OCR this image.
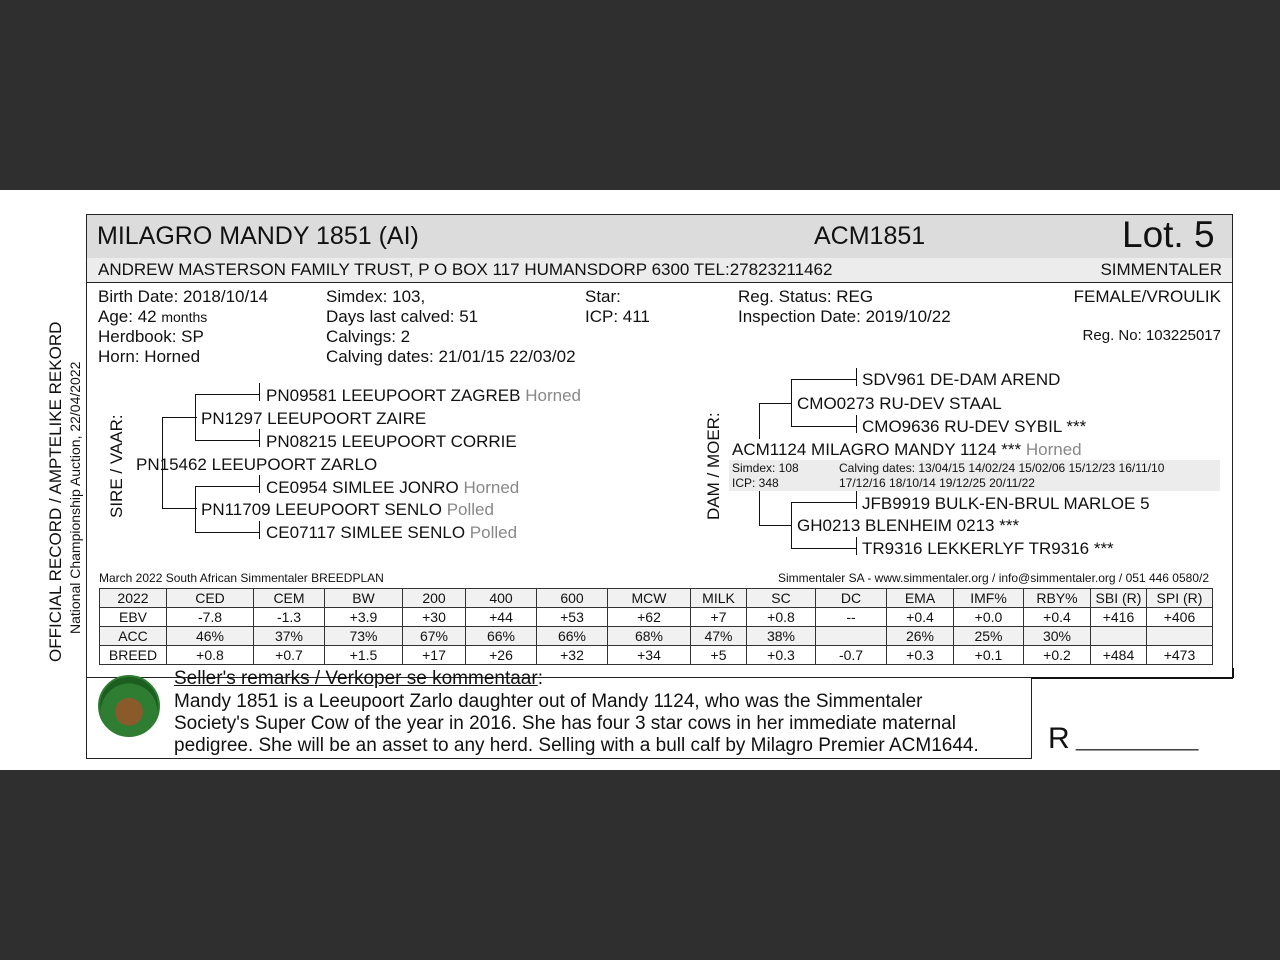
OFFICIAL RECORD / AMPTELIKE REKORD National Championship Auction, 22/04/2022
MILAGRO MANDY 1851 (AI)	ACM1851	Lot. 5
ANDREW MASTERSON FAMILY TRUST, P O BOX 117 HUMANSDORP 6300 TEL:27823211462	SIMMENTALER
Birth Date: 2018/10/14
Age: 42 months
Herdbook: SP
Horn: Horned
Simdex: 103,
Days last calved: 51
Calvings: 2
Calving dates: 21/01/15 22/03/02
Star:
ICP: 411
Reg. Status: REG
Inspection Date: 2019/10/22
FEMALE/VROULIK
Reg. No: 103225017
SIRE / VAAR:
PN09581 LEEUPOORT ZAGREB Horned
PN1297 LEEUPOORT ZAIRE
PN08215 LEEUPOORT CORRIE
PN15462 LEEUPOORT ZARLO
CE0954 SIMLEE JONRO Horned
PN11709 LEEUPOORT SENLO Polled
CE07117 SIMLEE SENLO Polled
DAM / MOER:
SDV961 DE-DAM AREND
CMO0273 RU-DEV STAAL
CMO9636 RU-DEV SYBIL ***
ACM1124 MILAGRO MANDY 1124 *** Horned
Simdex: 108
ICP: 348
Calving dates: 13/04/15 14/02/24 15/02/06 15/12/23 16/11/10
17/12/16 18/10/14 19/12/25 20/11/22
JFB9919 BULK-EN-BRUL MARLOE 5
GH0213 BLENHEIM 0213 ***
TR9316 LEKKERLYF TR9316 ***
March 2022 South African Simmentaler BREEDPLAN	Simmentaler SA - www.simmentaler.org / info@simmentaler.org / 051 446 0580/2
2022	CED	CEM	BW	200	400	600	MCW	MILK	SC	DC	EMA	IMF%	RBY%	SBI (R)	SPI (R)
EBV	-7.8	-1.3	+3.9	+30	+44	+53	+62	+7	+0.8	--	+0.4	+0.0	+0.4	+416	+406
ACC	46%	37%	73%	67%	66%	66%	68%	47%	38%		26%	25%	30%		
BREED	+0.8	+0.7	+1.5	+17	+26	+32	+34	+5	+0.3	-0.7	+0.3	+0.1	+0.2	+484	+473
Seller's remarks / Verkoper se kommentaar:
Mandy 1851 is a Leeupoort Zarlo daughter out of Mandy 1124, who was the Simmentaler
Society's Super Cow of the year in 2016. She has four 3 star cows in her immediate maternal
pedigree. She will be an asset to any herd. Selling with a bull calf by Milagro Premier ACM1644. R __________
